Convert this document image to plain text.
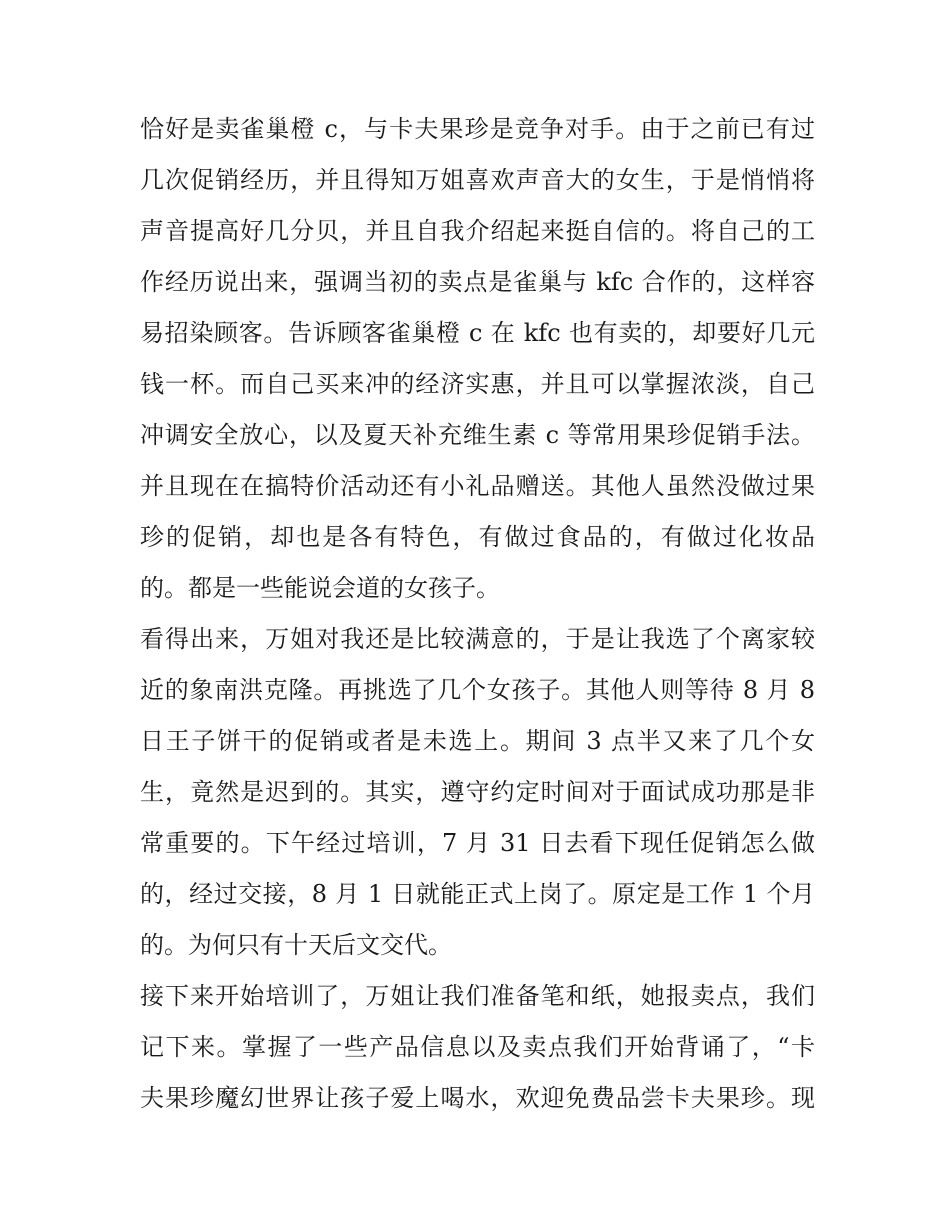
恰好是卖雀巢橙 c，与卡夫果珍是竞争对手。由于之前已有过
几次促销经历，并且得知万姐喜欢声音大的女生，于是悄悄将
声音提高好几分贝，并且自我介绍起来挺自信的。将自己的工
作经历说出来，强调当初的卖点是雀巢与 kfc 合作的，这样容
易招染顾客。告诉顾客雀巢橙 c 在 kfc 也有卖的，却要好几元
钱一杯。而自己买来冲的经济实惠，并且可以掌握浓淡，自己
冲调安全放心，以及夏天补充维生素 c 等常用果珍促销手法。
并且现在在搞特价活动还有小礼品赠送。其他人虽然没做过果
珍的促销，却也是各有特色，有做过食品的，有做过化妆品
的。都是一些能说会道的女孩子。
看得出来，万姐对我还是比较满意的，于是让我选了个离家较
近的象南洪克隆。再挑选了几个女孩子。其他人则等待 8 月 8
日王子饼干的促销或者是未选上。期间 3 点半又来了几个女
生，竟然是迟到的。其实，遵守约定时间对于面试成功那是非
常重要的。下午经过培训，7 月 31 日去看下现任促销怎么做
的，经过交接，8 月 1 日就能正式上岗了。原定是工作 1 个月
的。为何只有十天后文交代。
接下来开始培训了，万姐让我们准备笔和纸，她报卖点，我们
记下来。掌握了一些产品信息以及卖点我们开始背诵了，“卡
夫果珍魔幻世界让孩子爱上喝水，欢迎免费品尝卡夫果珍。现
